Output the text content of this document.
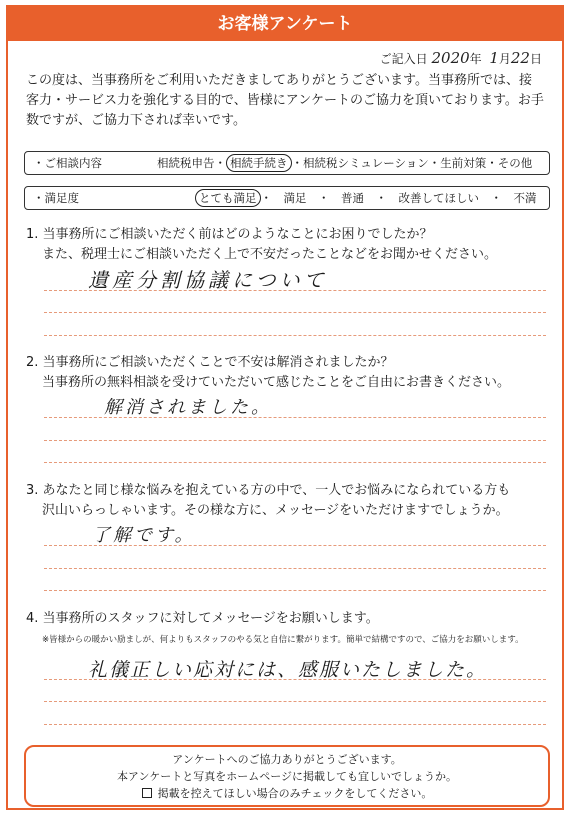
お客様アンケート
ご記入日 2020年 1月22日
この度は、当事務所をご利用いただきましてありがとうございます。当事務所では、接客力・サービス力を強化する目的で、皆様にアンケートのご協力を頂いております。お手数ですが、ご協力下されば幸いです。
・ご相談内容	相続税申告・ 相続手続き ・相続税シミュレーション・生前対策・その他
・満足度	とても満足 ・　満足　・　普通　・　改善してほしい　・　不満
1. 当事務所にご相談いただく前はどのようなことにお困りでしたか？
また、税理士にご相談いただく上で不安だったことなどをお聞かせください。
遺産分割協議について
2. 当事務所にご相談いただくことで不安は解消されましたか？
当事務所の無料相談を受けていただいて感じたことをご自由にお書きください。
解消されました。
3. あなたと同じ様な悩みを抱えている方の中で、一人でお悩みになられている方も
沢山いらっしゃいます。その様な方に、メッセージをいただけますでしょうか。
了解です。
4. 当事務所のスタッフに対してメッセージをお願いします。
※皆様からの暖かい励ましが、何よりもスタッフのやる気と自信に繋がります。簡単で結構ですので、ご協力をお願いします。
礼儀正しい応対には、感服いたしました。
アンケートへのご協力ありがとうございます。
本アンケートと写真をホームページに掲載しても宜しいでしょうか。
掲載を控えてほしい場合のみチェックをしてください。
